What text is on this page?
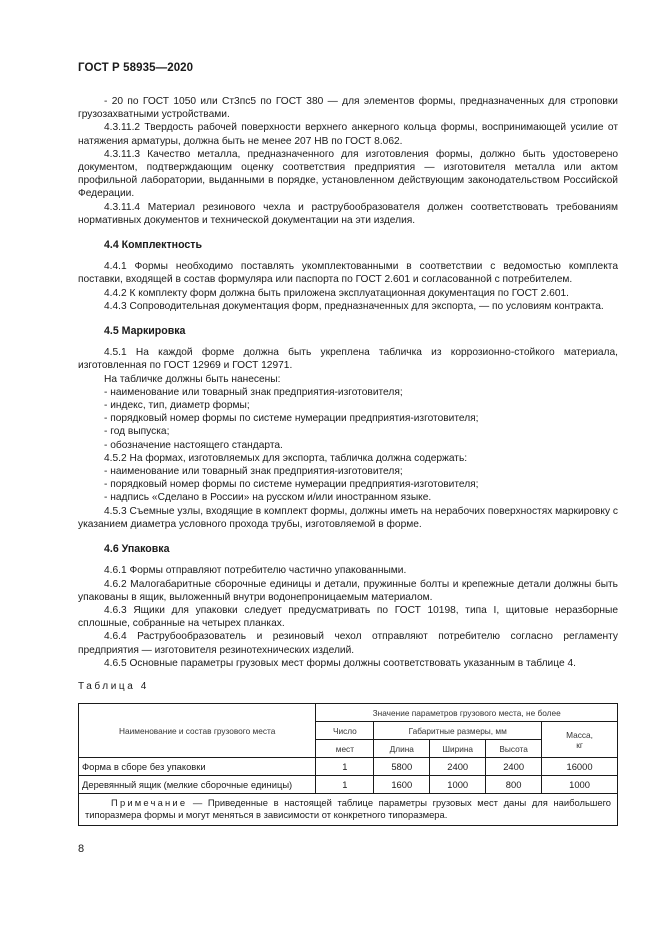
ГОСТ Р 58935—2020

- 20 по ГОСТ 1050 или Ст3пс5 по ГОСТ 380 — для элементов формы, предназначенных для строповки грузозахватными устройствами.

4.3.11.2 Твердость рабочей поверхности верхнего анкерного кольца формы, воспринимающей усилие от натяжения арматуры, должна быть не менее 207 НВ по ГОСТ 8.062.

4.3.11.3 Качество металла, предназначенного для изготовления формы, должно быть удостоверено документом, подтверждающим оценку соответствия предприятия — изготовителя металла или актом профильной лаборатории, выданными в порядке, установленном действующим законодательством Российской Федерации.

4.3.11.4 Материал резинового чехла и раструбообразователя должен соответствовать требованиям нормативных документов и технической документации на эти изделия.

4.4 Комплектность

4.4.1 Формы необходимо поставлять укомплектованными в соответствии с ведомостью комплекта поставки, входящей в состав формуляра или паспорта по ГОСТ 2.601 и согласованной с потребителем.

4.4.2 К комплекту форм должна быть приложена эксплуатационная документация по ГОСТ 2.601.

4.4.3 Сопроводительная документация форм, предназначенных для экспорта, — по условиям контракта.

4.5 Маркировка

4.5.1 На каждой форме должна быть укреплена табличка из коррозионно-стойкого материала, изготовленная по ГОСТ 12969 и ГОСТ 12971.

На табличке должны быть нанесены:

- наименование или товарный знак предприятия-изготовителя;

- индекс, тип, диаметр формы;

- порядковый номер формы по системе нумерации предприятия-изготовителя;

- год выпуска;

- обозначение настоящего стандарта.

4.5.2 На формах, изготовляемых для экспорта, табличка должна содержать:

- наименование или товарный знак предприятия-изготовителя;

- порядковый номер формы по системе нумерации предприятия-изготовителя;

- надпись «Сделано в России» на русском и/или иностранном языке.

4.5.3 Съемные узлы, входящие в комплект формы, должны иметь на нерабочих поверхностях маркировку с указанием диаметра условного прохода трубы, изготовляемой в форме.

4.6 Упаковка

4.6.1 Формы отправляют потребителю частично упакованными.

4.6.2 Малогабаритные сборочные единицы и детали, пружинные болты и крепежные детали должны быть упакованы в ящик, выложенный внутри водонепроницаемым материалом.

4.6.3 Ящики для упаковки следует предусматривать по ГОСТ 10198, типа I, щитовые неразборные сплошные, собранные на четырех планках.

4.6.4 Раструбообразователь и резиновый чехол отправляют потребителю согласно регламенту предприятия — изготовителя резинотехнических изделий.

4.6.5 Основные параметры грузовых мест формы должны соответствовать указанным в таблице 4.

Таблица 4
Наименование и состав грузового места	Значение параметров грузового места, не более				
	Число	Габаритные размеры, мм			Масса,
кг
	мест	Длина	Ширина	Высота	
Форма в сборе без упаковки	1	5800	2400	2400	16000
Деревянный ящик (мелкие сборочные единицы)	1	1600	1000	800	1000
Примечание — Приведенные в настоящей таблице параметры грузовых мест даны для наибольшего типоразмера формы и могут меняться в зависимости от конкретного типоразмера.					
8
